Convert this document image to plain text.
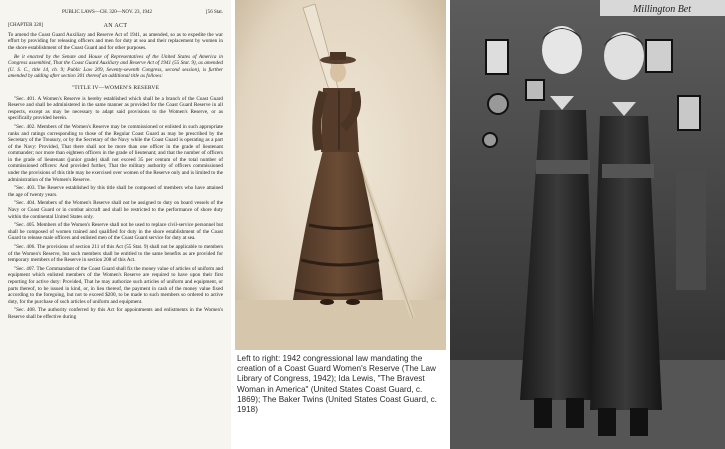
PUBLIC LAWS—CH. 320—NOV. 23, 1942	[56 Stat.
[CHAPTER 320]	AN ACT

To amend the Coast Guard Auxiliary and Reserve Act of 1941, as amended, so as to expedite the war effort by providing for releasing officers and men for duty at sea and their replacement by women in the shore establishment of the Coast Guard and for other purposes.

Be it enacted by the Senate and House of Representatives of the United States of America in Congress assembled, That the Coast Guard Auxiliary and Reserve Act of 1941 (55 Stat. 9), as amended (U. S. C., title 14, ch. 9; Public Law 209, Seventy-seventh Congress, second session), is further amended by adding after section 301 thereof an additional title as follows:

"TITLE IV—WOMEN'S RESERVE

"Sec. 401. A Women's Reserve is hereby established which shall be a branch of the Coast Guard Reserve and shall be administered in the same manner as provided for the Coast Guard Reserve in all respects, except as may be necessary to adapt said provisions to the Women's Reserve, or as specifically provided herein.

"Sec. 402. Members of the Women's Reserve may be commissioned or enlisted in such appropriate ranks and ratings corresponding to those of the Regular Coast Guard as may be prescribed by the Secretary of the Treasury, or by the Secretary of the Navy while the Coast Guard is operating as a part of the Navy: Provided, That there shall not be more than one officer in the grade of lieutenant commander; nor more than eighteen officers in the grade of lieutenant; and that the number of officers in the grade of lieutenant (junior grade) shall not exceed 35 per centum of the total number of commissioned officers: And provided further, That the military authority of officers commissioned under the provisions of this title may be exercised over women of the Reserve only and is limited to the administration of the Women's Reserve.

"Sec. 403. The Reserve established by this title shall be composed of members who have attained the age of twenty years.

"Sec. 404. Members of the Women's Reserve shall not be assigned to duty on board vessels of the Navy or Coast Guard or in combat aircraft and shall be restricted to the performance of shore duty within the continental United States only.

"Sec. 405. Members of the Women's Reserve shall not be used to replace civil-service personnel but shall be composed of women trained and qualified for duty in the shore establishment of the Coast Guard to release male officers and enlisted men of the Coast Guard service for duty at sea.

"Sec. 406. The provisions of section 211 of this Act (55 Stat. 9) shall not be applicable to members of the Women's Reserve, but such members shall be entitled to the same benefits as are provided for temporary members of the Reserve in section 208 of this Act.

"Sec. 407. The Commandant of the Coast Guard shall fix the money value of articles of uniform and equipment which enlisted members of the Women's Reserve are required to have upon their first reporting for active duty: Provided, That he may authorize such articles of uniform and equipment, or parts thereof, to be issued in kind, or, in lieu thereof, the payment in cash of the money value fixed according to the foregoing, but not to exceed $200, to be made to such members so ordered to active duty, for the purchase of such articles of uniform and equipment.

"Sec. 408. The authority conferred by this Act for appointments and enlistments in the Women's Reserve shall be effective during

Left to right: 1942 congressional law mandating the creation of a Coast Guard Women's Reserve (The Law Library of Congress, 1942); Ida Lewis, "The Bravest Woman in America" (United States Coast Guard, c. 1869); The Baker Twins (United States Coast Guard, c. 1918)

Millington Bet
